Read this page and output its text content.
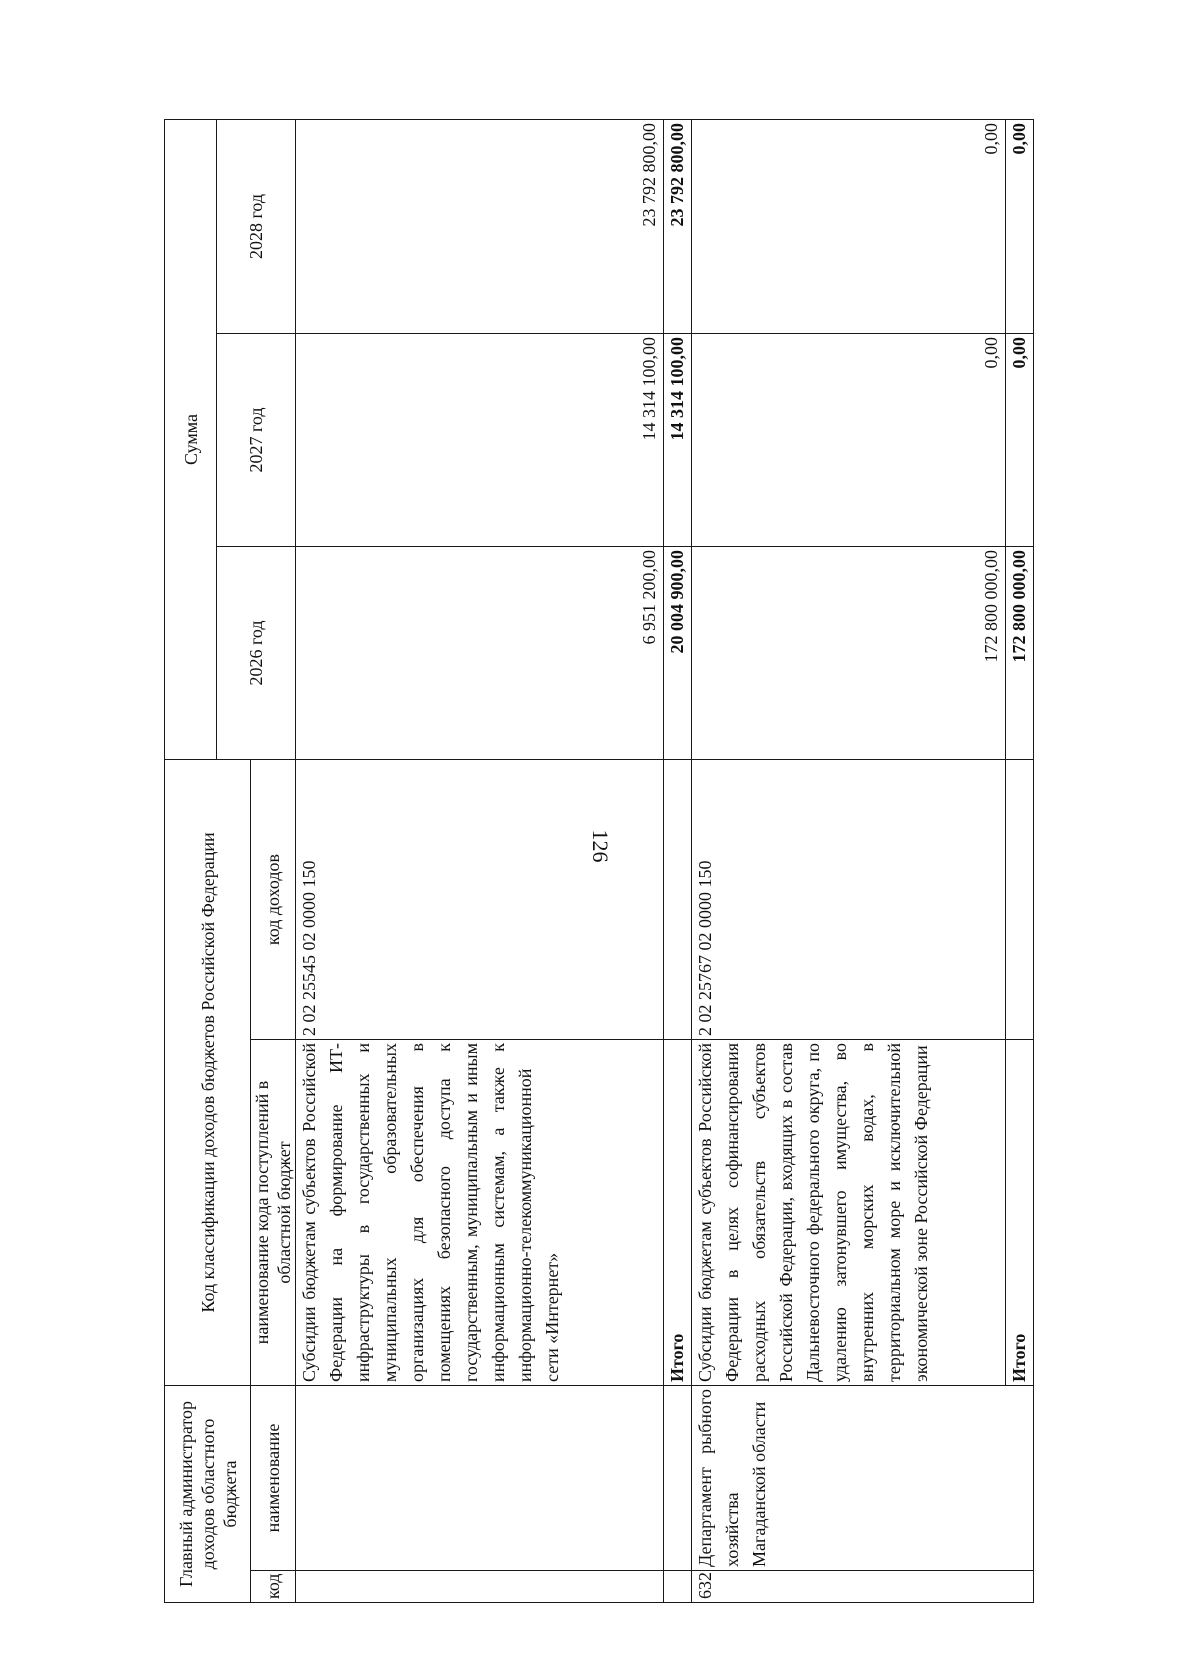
126
Главный администратор доходов областного бюджета		Код классификации доходов бюджетов Российской Федерации		Сумма		
				2026 год	2027 год	2028 год
код	наименование	наименование кода поступлений в областной бюджет	код доходов			
		Субсидии бюджетам субъектов Российской Федерации на формирование ИТ-инфраструктуры в государственных и муниципальных образовательных организациях для обеспечения в помещениях безопасного доступа к государственным, муниципальным и иным информационным системам, а также к информационно-телекоммуникационной сети «Интернет»	2 02 25545 02 0000 150	6 951 200,00	14 314 100,00	23 792 800,00
		Итого		20 004 900,00	14 314 100,00	23 792 800,00
632	Департамент рыбного хозяйства Магаданской области	Субсидии бюджетам субъектов Российской Федерации в целях софинансирования расходных обязательств субъектов Российской Федерации, входящих в состав Дальневосточного федерального округа, по удалению затонувшего имущества, во внутренних морских водах, в территориальном море и исключительной экономической зоне Российской Федерации	2 02 25767 02 0000 150	172 800 000,00	0,00	0,00
		Итого		172 800 000,00	0,00	0,00
